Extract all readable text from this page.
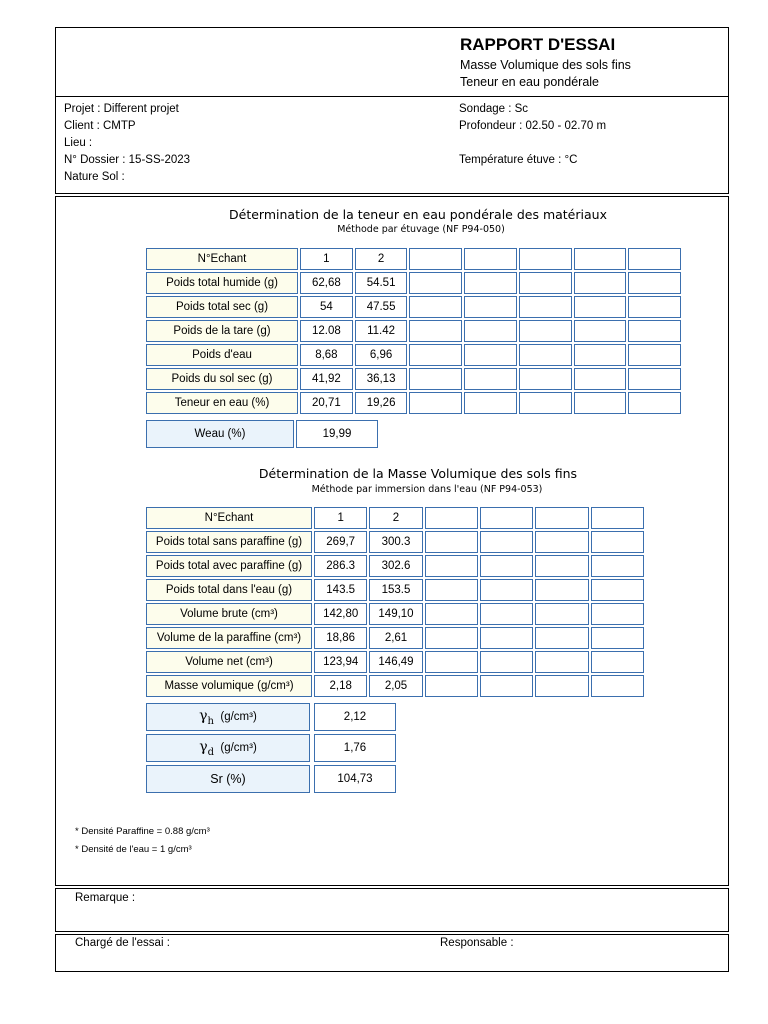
RAPPORT D'ESSAI
Masse Volumique des sols fins
Teneur en eau pondérale
Projet : Different projet
Client : CMTP
Lieu :
N° Dossier : 15-SS-2023
Nature Sol :
Sondage : Sc
Profondeur : 02.50 - 02.70 m
Température étuve : °C
Détermination de la teneur en eau pondérale des matériaux
Méthode par étuvage (NF P94-050)
N°Echant	1	2					
Poids total humide (g)	62,68	54.51					
Poids total sec (g)	54	47.55					
Poids de la tare (g)	12.08	11.42					
Poids d'eau	8,68	6,96					
Poids du sol sec (g)	41,92	36,13					
Teneur en eau (%)	20,71	19,26					
Weau (%)	19,99
Détermination de la Masse Volumique des sols fins
Méthode par immersion dans l'eau (NF P94-053)
N°Echant	1	2				
Poids total sans paraffine (g)	269,7	300.3				
Poids total avec paraffine (g)	286.3	302.6				
Poids total dans l'eau (g)	143.5	153.5				
Volume brute (cm³)	142,80	149,10				
Volume de la paraffine (cm³)	18,86	2,61				
Volume net (cm³)	123,94	146,49				
Masse volumique (g/cm³)	2,18	2,05				
$\gamma_h$
(g/cm³)	2,12
$\gamma_d$
(g/cm³)	1,76
Sr (%)	104,73
* Densité Paraffine = 0.88 g/cm³
* Densité de l'eau = 1 g/cm³
Remarque :
Chargé de l'essai :	Responsable :
